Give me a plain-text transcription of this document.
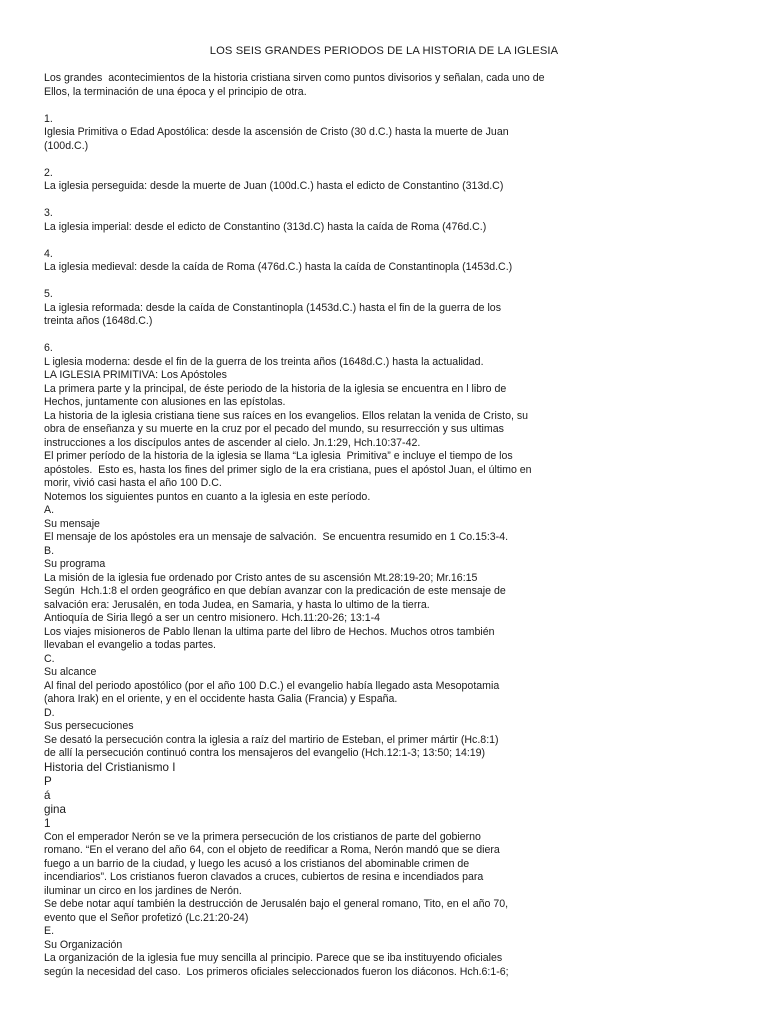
LOS SEIS GRANDES PERIODOS DE LA HISTORIA DE LA IGLESIA
Los grandes  acontecimientos de la historia cristiana sirven como puntos divisorios y señalan, cada uno de
Ellos, la terminación de una época y el principio de otra.
1.
Iglesia Primitiva o Edad Apostólica: desde la ascensión de Cristo (30 d.C.) hasta la muerte de Juan
(100d.C.)
2.
La iglesia perseguida: desde la muerte de Juan (100d.C.) hasta el edicto de Constantino (313d.C)
3.
La iglesia imperial: desde el edicto de Constantino (313d.C) hasta la caída de Roma (476d.C.)
4.
La iglesia medieval: desde la caída de Roma (476d.C.) hasta la caída de Constantinopla (1453d.C.)
5.
La iglesia reformada: desde la caída de Constantinopla (1453d.C.) hasta el fin de la guerra de los
treinta años (1648d.C.)
6.
L iglesia moderna: desde el fin de la guerra de los treinta años (1648d.C.) hasta la actualidad.
LA IGLESIA PRIMITIVA: Los Apóstoles
La primera parte y la principal, de éste periodo de la historia de la iglesia se encuentra en l libro de
Hechos, juntamente con alusiones en las epístolas.
La historia de la iglesia cristiana tiene sus raíces en los evangelios. Ellos relatan la venida de Cristo, su
obra de enseñanza y su muerte en la cruz por el pecado del mundo, su resurrección y sus ultimas
instrucciones a los discípulos antes de ascender al cielo. Jn.1:29, Hch.10:37-42.
El primer período de la historia de la iglesia se llama “La iglesia  Primitiva” e incluye el tiempo de los
apóstoles.  Esto es, hasta los fines del primer siglo de la era cristiana, pues el apóstol Juan, el último en
morir, vivió casi hasta el año 100 D.C.
Notemos los siguientes puntos en cuanto a la iglesia en este período.
A.
Su mensaje
El mensaje de los apóstoles era un mensaje de salvación.  Se encuentra resumido en 1 Co.15:3-4.
B.
Su programa
La misión de la iglesia fue ordenado por Cristo antes de su ascensión Mt.28:19-20; Mr.16:15
Según  Hch.1:8 el orden geográfico en que debían avanzar con la predicación de este mensaje de
salvación era: Jerusalén, en toda Judea, en Samaria, y hasta lo ultimo de la tierra.
Antioquía de Siria llegó a ser un centro misionero. Hch.11:20-26; 13:1-4
Los viajes misioneros de Pablo llenan la ultima parte del libro de Hechos. Muchos otros también
llevaban el evangelio a todas partes.
C.
Su alcance
Al final del periodo apostólico (por el año 100 D.C.) el evangelio había llegado asta Mesopotamia
(ahora Irak) en el oriente, y en el occidente hasta Galia (Francia) y España.
D.
Sus persecuciones
Se desató la persecución contra la iglesia a raíz del martirio de Esteban, el primer mártir (Hc.8:1)
de allí la persecución continuó contra los mensajeros del evangelio (Hch.12:1-3; 13:50; 14:19)
Historia del Cristianismo I
P
á
gina
1
Con el emperador Nerón se ve la primera persecución de los cristianos de parte del gobierno
romano. “En el verano del año 64, con el objeto de reedificar a Roma, Nerón mandó que se diera
fuego a un barrio de la ciudad, y luego les acusó a los cristianos del abominable crimen de
incendiarios”. Los cristianos fueron clavados a cruces, cubiertos de resina e incendiados para
iluminar un circo en los jardines de Nerón.
Se debe notar aquí también la destrucción de Jerusalén bajo el general romano, Tito, en el año 70,
evento que el Señor profetizó (Lc.21:20-24)
E.
Su Organización
La organización de la iglesia fue muy sencilla al principio. Parece que se iba instituyendo oficiales
según la necesidad del caso.  Los primeros oficiales seleccionados fueron los diáconos. Hch.6:1-6;
